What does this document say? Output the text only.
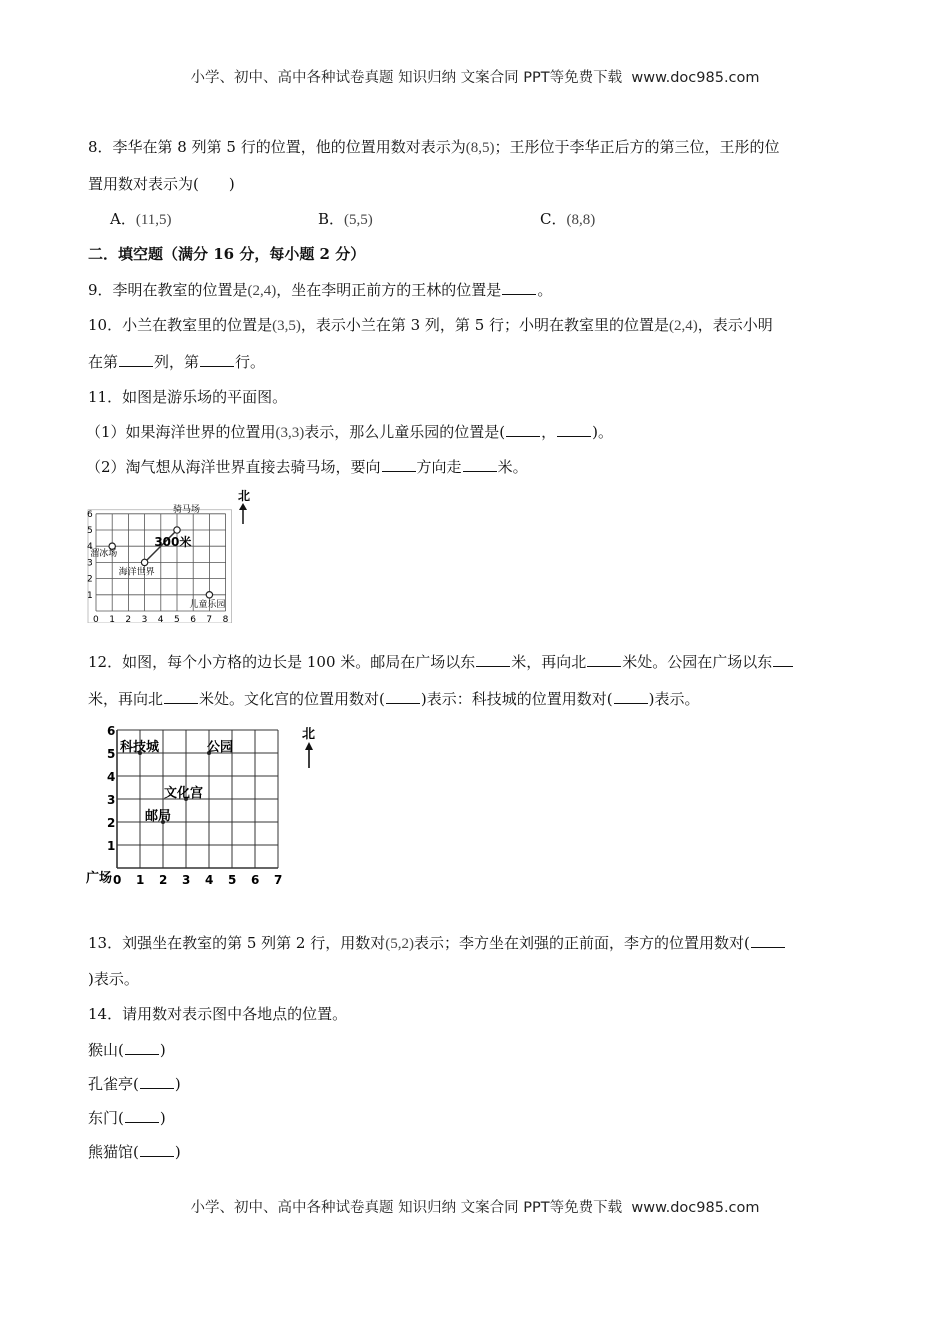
小学、初中、高中各种试卷真题 知识归纳 文案合同 PPT等免费下载 www.doc985.com
8．李华在第 8 列第 5 行的位置，他的位置用数对表示为(8,5)；王彤位于李华正后方的第三位，王彤的位
置用数对表示为(　　)
A．(11,5)	B．(5,5)	C．(8,8)
二．填空题（满分 16 分，每小题 2 分）
9．李明在教室的位置是(2,4)，坐在李明正前方的王林的位置是 。
10．小兰在教室里的位置是(3,5)，表示小兰在第 3 列，第 5 行；小明在教室里的位置是(2,4)，表示小明
在第 列，第 行。
11．如图是游乐场的平面图。
（1）如果海洋世界的位置用(3,3)表示，那么儿童乐园的位置是( ， )。
（2）淘气想从海洋世界直接去骑马场，要向 方向走 米。
0 1 2 3 4 5 6 7 8
1
2
3
4
5
6	骑马场
溜冰场
海洋世界
儿童乐园
300米
北
12．如图，每个小方格的边长是 100 米。邮局在广场以东 米，再向北 米处。公园在广场以东
米，再向北 米处。文化宫的位置用数对( )表示：科技城的位置用数对( )表示。
0 1 2 3 4 5 6 7
1
2
3
4
5
6
科技城	公园
文化宫
邮局
广场
北
13．刘强坐在教室的第 5 列第 2 行，用数对(5,2)表示；李方坐在刘强的正前面，李方的位置用数对(
)表示。
14．请用数对表示图中各地点的位置。
猴山( )
孔雀亭( )
东门( )
熊猫馆( )
小学、初中、高中各种试卷真题 知识归纳 文案合同 PPT等免费下载 www.doc985.com
